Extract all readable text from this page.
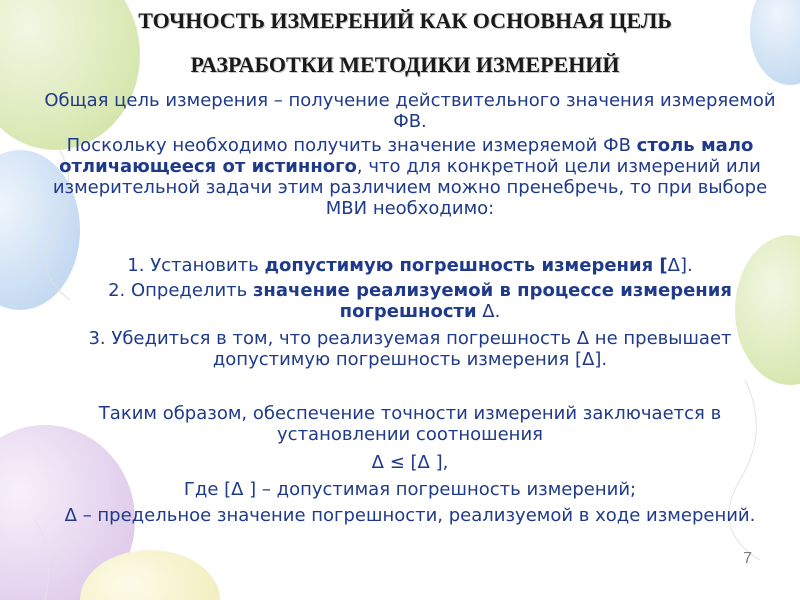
ТОЧНОСТЬ ИЗМЕРЕНИЙ КАК ОСНОВНАЯ ЦЕЛЬ
РАЗРАБОТКИ МЕТОДИКИ ИЗМЕРЕНИЙ

Общая цель измерения – получение действительного значения измеряемой ФВ.

Поскольку необходимо получить значение измеряемой ФВ столь мало отличающееся от истинного, что для конкретной цели измерений или измерительной задачи этим различием можно пренебречь, то при выборе МВИ необходимо:

1. Установить допустимую погрешность измерения [Δ].

2. Определить значение реализуемой в процессе измерения погрешности Δ.

3. Убедиться в том, что реализуемая погрешность Δ не превышает допустимую погрешность измерения [Δ].

Таким образом, обеспечение точности измерений заключается в установлении соотношения

Δ ≤ [Δ ],

Где [Δ ] – допустимая погрешность измерений;

Δ – предельное значение погрешности, реализуемой в ходе измерений.

7
